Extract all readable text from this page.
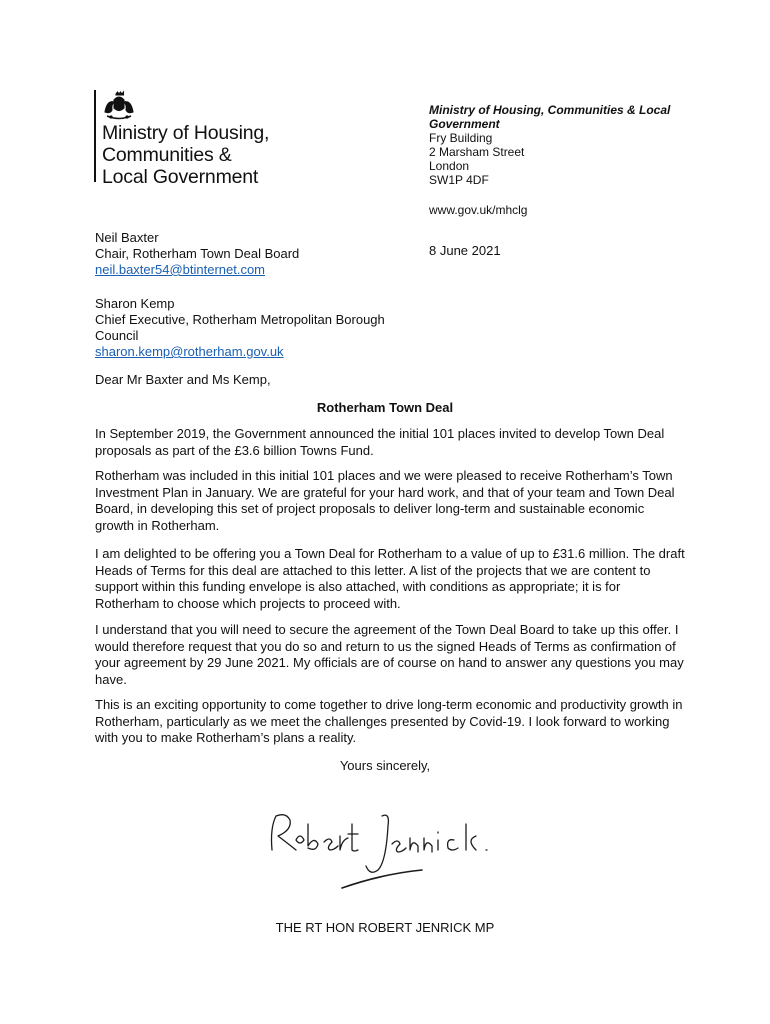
Ministry of Housing,
Communities &
Local Government
Ministry of Housing, Communities & Local
Government
Fry Building
2 Marsham Street
London
SW1P 4DF
www.gov.uk/mhclg
8 June 2021
Neil Baxter
Chair, Rotherham Town Deal Board
neil.baxter54@btinternet.com
Sharon Kemp
Chief Executive, Rotherham Metropolitan Borough
Council
sharon.kemp@rotherham.gov.uk
Dear Mr Baxter and Ms Kemp,
Rotherham Town Deal
In September 2019, the Government announced the initial 101 places invited to develop Town Deal proposals as part of the £3.6 billion Towns Fund.
Rotherham was included in this initial 101 places and we were pleased to receive Rotherham’s Town Investment Plan in January. We are grateful for your hard work, and that of your team and Town Deal Board, in developing this set of project proposals to deliver long-term and sustainable economic growth in Rotherham.
I am delighted to be offering you a Town Deal for Rotherham to a value of up to £31.6 million. The draft Heads of Terms for this deal are attached to this letter. A list of the projects that we are content to support within this funding envelope is also attached, with conditions as appropriate; it is for Rotherham to choose which projects to proceed with.
I understand that you will need to secure the agreement of the Town Deal Board to take up this offer. I would therefore request that you do so and return to us the signed Heads of Terms as confirmation of your agreement by 29 June 2021. My officials are of course on hand to answer any questions you may have.
This is an exciting opportunity to come together to drive long-term economic and productivity growth in Rotherham, particularly as we meet the challenges presented by Covid-19. I look forward to working with you to make Rotherham’s plans a reality.
Yours sincerely,
THE RT HON ROBERT JENRICK MP
